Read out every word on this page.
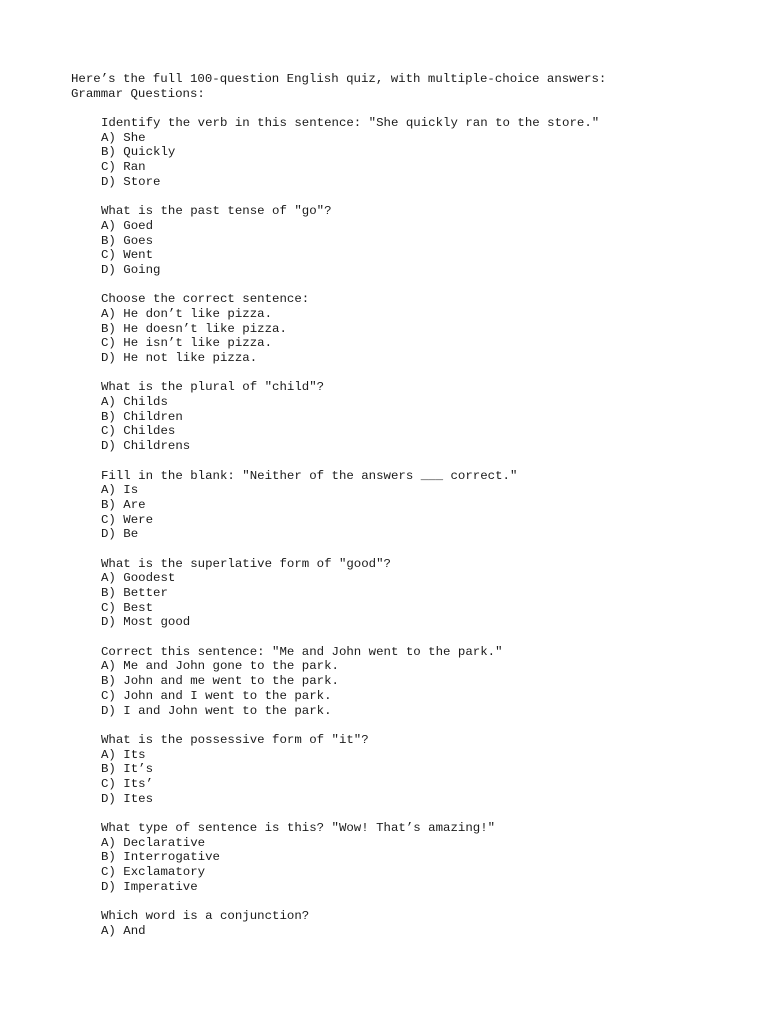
Here’s the full 100-question English quiz, with multiple-choice answers:
Grammar Questions:
Identify the verb in this sentence: "She quickly ran to the store."
A) She
B) Quickly
C) Ran
D) Store
What is the past tense of "go"?
A) Goed
B) Goes
C) Went
D) Going
Choose the correct sentence:
A) He don’t like pizza.
B) He doesn’t like pizza.
C) He isn’t like pizza.
D) He not like pizza.
What is the plural of "child"?
A) Childs
B) Children
C) Childes
D) Childrens
Fill in the blank: "Neither of the answers ___ correct."
A) Is
B) Are
C) Were
D) Be
What is the superlative form of "good"?
A) Goodest
B) Better
C) Best
D) Most good
Correct this sentence: "Me and John went to the park."
A) Me and John gone to the park.
B) John and me went to the park.
C) John and I went to the park.
D) I and John went to the park.
What is the possessive form of "it"?
A) Its
B) It’s
C) Its’
D) Ites
What type of sentence is this? "Wow! That’s amazing!"
A) Declarative
B) Interrogative
C) Exclamatory
D) Imperative
Which word is a conjunction?
A) And
